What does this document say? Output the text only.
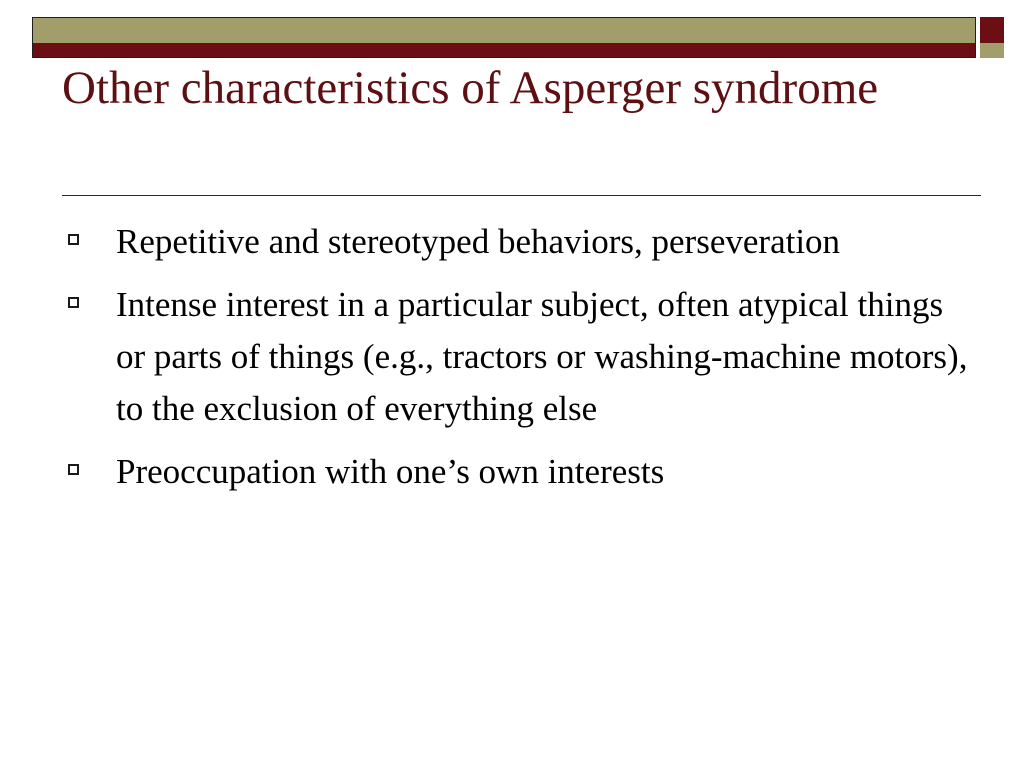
Other characteristics of Asperger syndrome
Repetitive and stereotyped behaviors, perseveration
Intense interest in a particular subject, often atypical things or parts of things (e.g., tractors or washing-machine motors), to the exclusion of everything else
Preoccupation with one’s own interests
